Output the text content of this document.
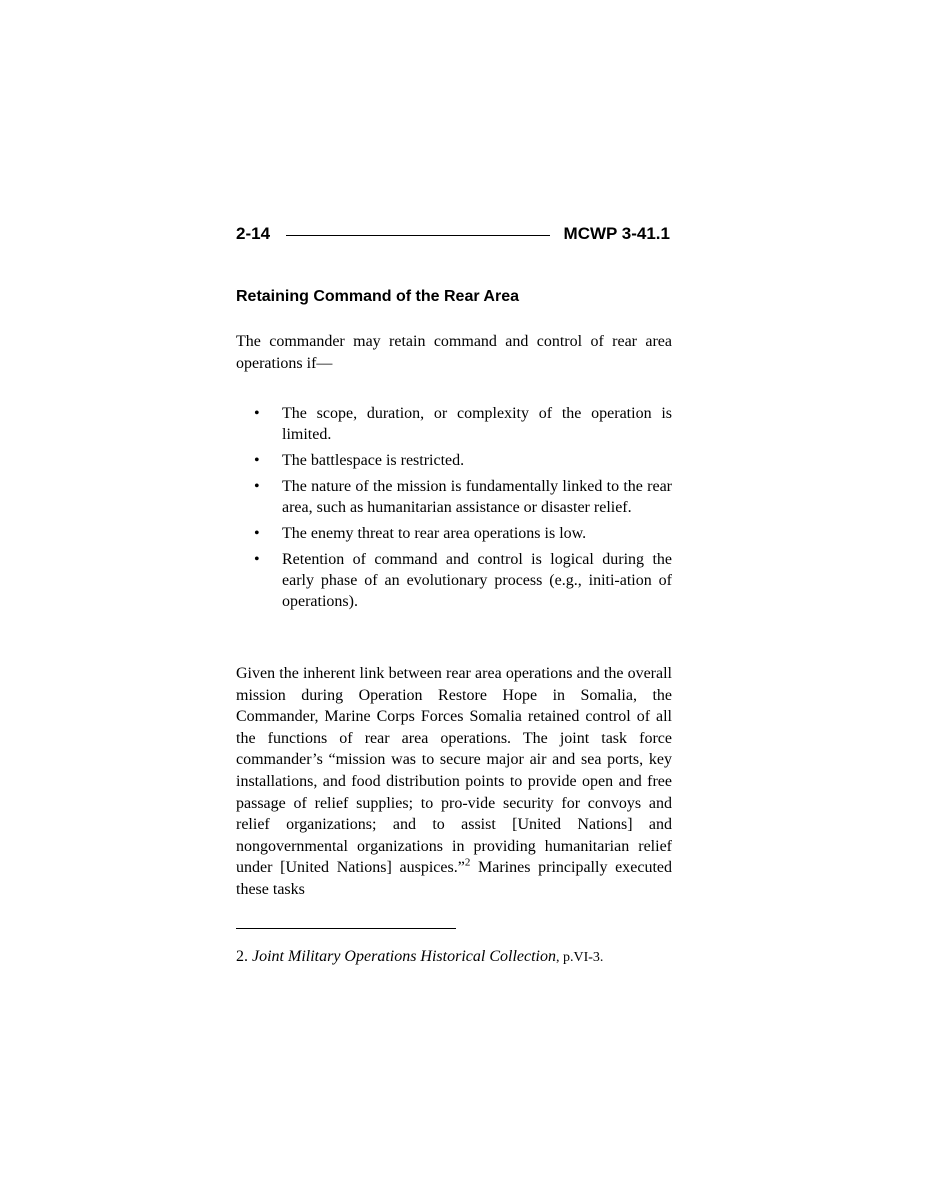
2-14	MCWP 3-41.1
Retaining Command of the Rear Area

The commander may retain command and control of rear area operations if—

• The scope, duration, or complexity of the operation is limited.
• The battlespace is restricted.
• The nature of the mission is fundamentally linked to the rear area, such as humanitarian assistance or disaster relief.
• The enemy threat to rear area operations is low.
• Retention of command and control is logical during the early phase of an evolutionary process (e.g., initi-ation of operations).

Given the inherent link between rear area operations and the overall mission during Operation Restore Hope in Somalia, the Commander, Marine Corps Forces Somalia retained control of all the functions of rear area operations. The joint task force commander’s “mission was to secure major air and sea ports, key installations, and food distribution points to provide open and free passage of relief supplies; to pro-vide security for convoys and relief organizations; and to assist [United Nations] and nongovernmental organizations in providing humanitarian relief under [United Nations] auspices.”$^2$ Marines principally executed these tasks

2. Joint Military Operations Historical Collection, p.VI-3.
